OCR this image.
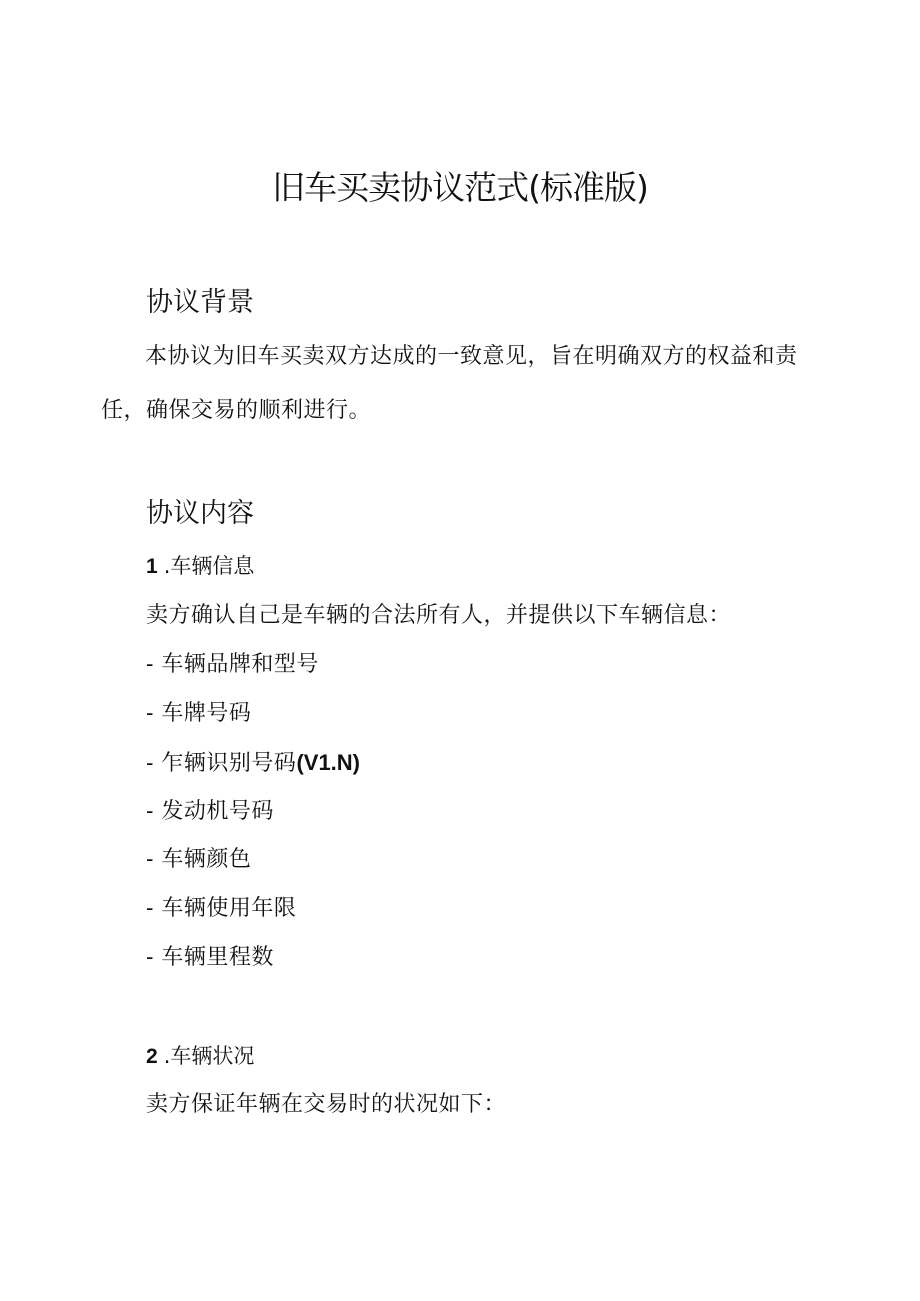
旧车买卖协议范式(标准版)
协议背景
本协议为旧车买卖双方达成的一致意见，旨在明确双方的权益和责任，确保交易的顺利进行。
协议内容
1 .车辆信息
卖方确认自己是车辆的合法所有人，并提供以下车辆信息：
- 车辆品牌和型号
- 车牌号码
- 乍辆识别号码(V1.N)
- 发动机号码
- 车辆颜色
- 车辆使用年限
- 车辆里程数
2 .车辆状况
卖方保证年辆在交易时的状况如下：
